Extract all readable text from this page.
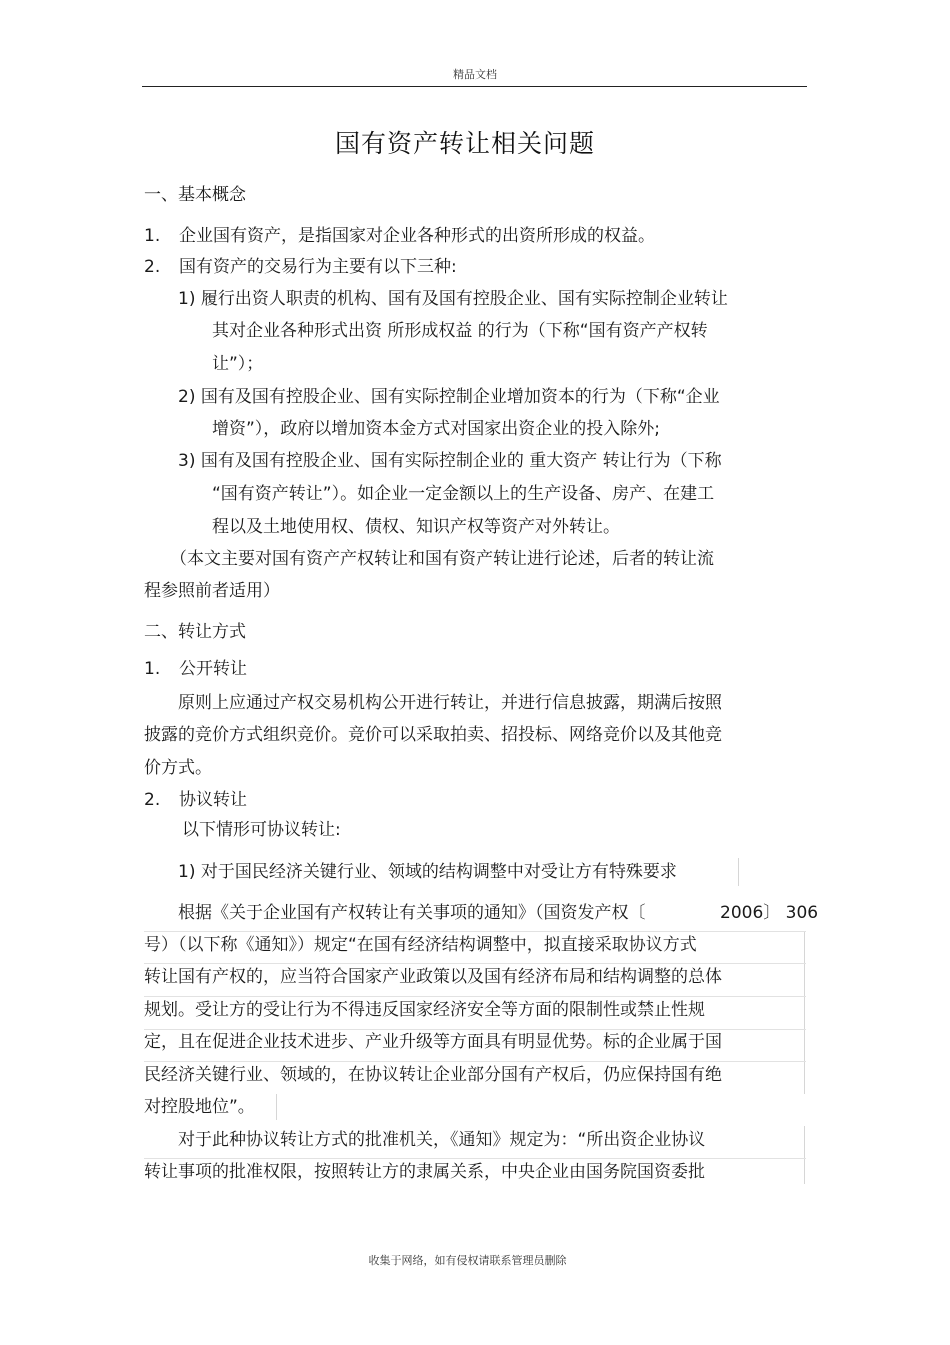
精品文档
国有资产转让相关问题
一、基本概念
1. 企业国有资产，是指国家对企业各种形式的出资所形成的权益。
2. 国有资产的交易行为主要有以下三种:
1) 履行出资人职责的机构、国有及国有控股企业、国有实际控制企业转让
其对企业各种形式出资 所形成权益 的行为（下称“国有资产产权转
让”）；
2) 国有及国有控股企业、国有实际控制企业增加资本的行为（下称“企业
增资”），政府以增加资本金方式对国家出资企业的投入除外;
3) 国有及国有控股企业、国有实际控制企业的 重大资产 转让行为（下称
“国有资产转让”）。如企业一定金额以上的生产设备、房产、在建工
程以及土地使用权、债权、知识产权等资产对外转让。
（本文主要对国有资产产权转让和国有资产转让进行论述，后者的转让流
程参照前者适用）
二、转让方式
1. 公开转让
原则上应通过产权交易机构公开进行转让，并进行信息披露，期满后按照
披露的竞价方式组织竞价。竞价可以采取拍卖、招投标、网络竞价以及其他竞
价方式。
2. 协议转让
以下情形可协议转让:
1) 对于国民经济关键行业、领域的结构调整中对受让方有特殊要求
根据《关于企业国有产权转让有关事项的通知》（国资发产权〔	2006〕 306
号）（以下称《通知》）规定“在国有经济结构调整中，拟直接采取协议方式
转让国有产权的，应当符合国家产业政策以及国有经济布局和结构调整的总体
规划。受让方的受让行为不得违反国家经济安全等方面的限制性或禁止性规
定，且在促进企业技术进步、产业升级等方面具有明显优势。标的企业属于国
民经济关键行业、领域的，在协议转让企业部分国有产权后，仍应保持国有绝
对控股地位”。
对于此种协议转让方式的批准机关，《通知》规定为：“所出资企业协议
转让事项的批准权限，按照转让方的隶属关系，中央企业由国务院国资委批
收集于网络，如有侵权请联系管理员删除
